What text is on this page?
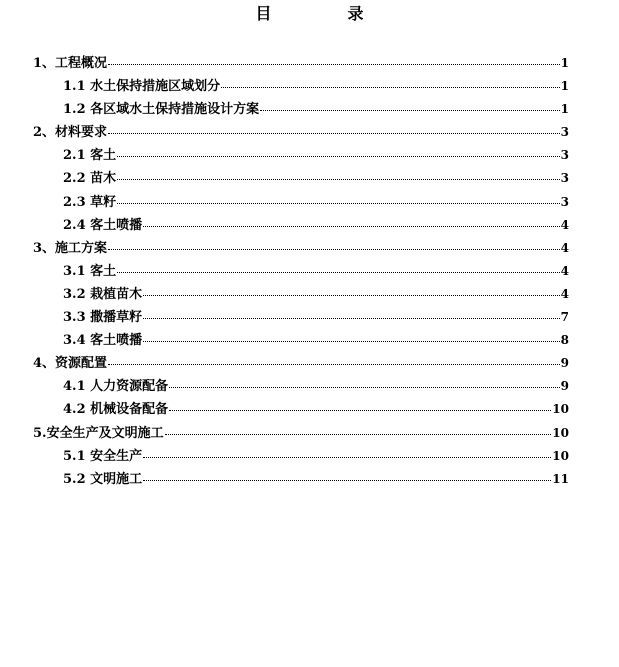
目　录
1、工程概况	1
1.1 水土保持措施区域划分	1
1.2 各区域水土保持措施设计方案	1
2、材料要求	3
2.1 客土	3
2.2 苗木	3
2.3 草籽	3
2.4 客土喷播	4
3、施工方案	4
3.1 客土	4
3.2 栽植苗木	4
3.3 撒播草籽	7
3.4 客土喷播	8
4、资源配置	9
4.1 人力资源配备	9
4.2 机械设备配备	10
5.安全生产及文明施工	10
5.1 安全生产	10
5.2 文明施工	11
